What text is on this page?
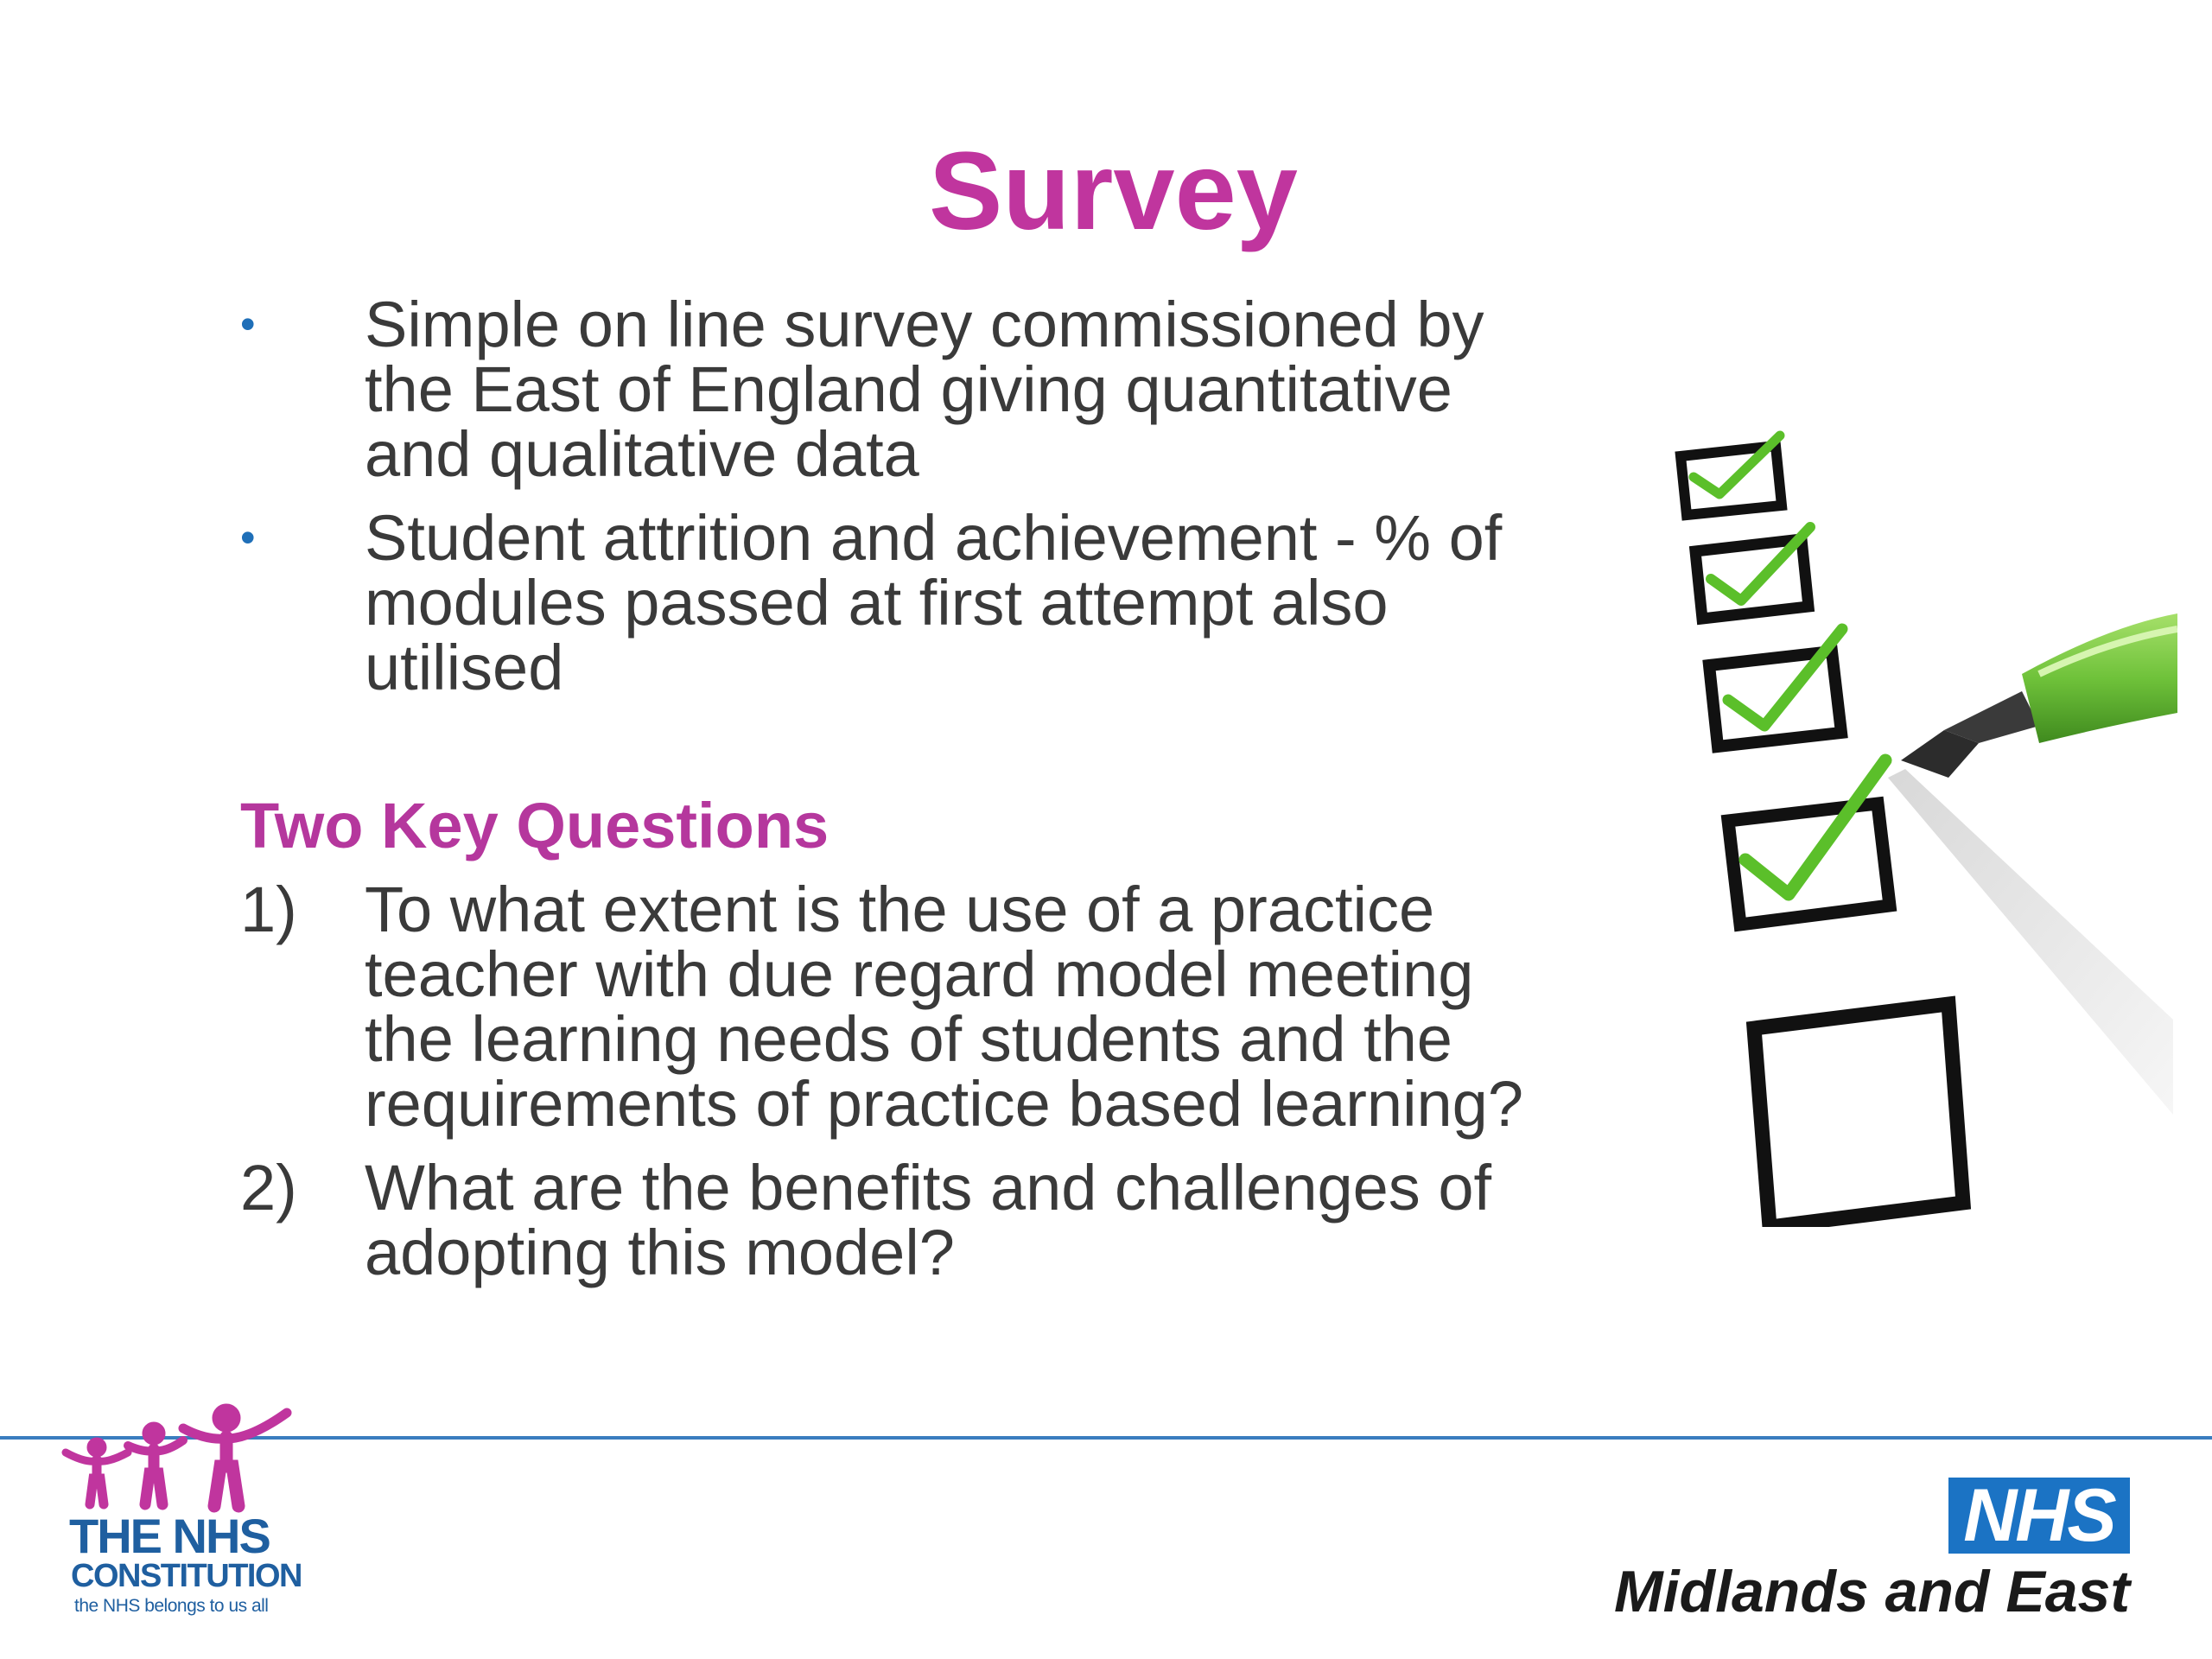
Survey
•	Simple on line survey commissioned by the East of England giving quantitative and qualitative data
•	Student attrition and achievement - % of modules passed at first attempt also utilised
Two Key Questions
1)	To what extent is the use of a practice teacher with due regard model meeting the learning needs of students and the requirements of practice based learning?
2)	What are the benefits and challenges of adopting this model?
THE NHS
CONSTITUTION
the NHS belongs to us all
NHS
Midlands and East
